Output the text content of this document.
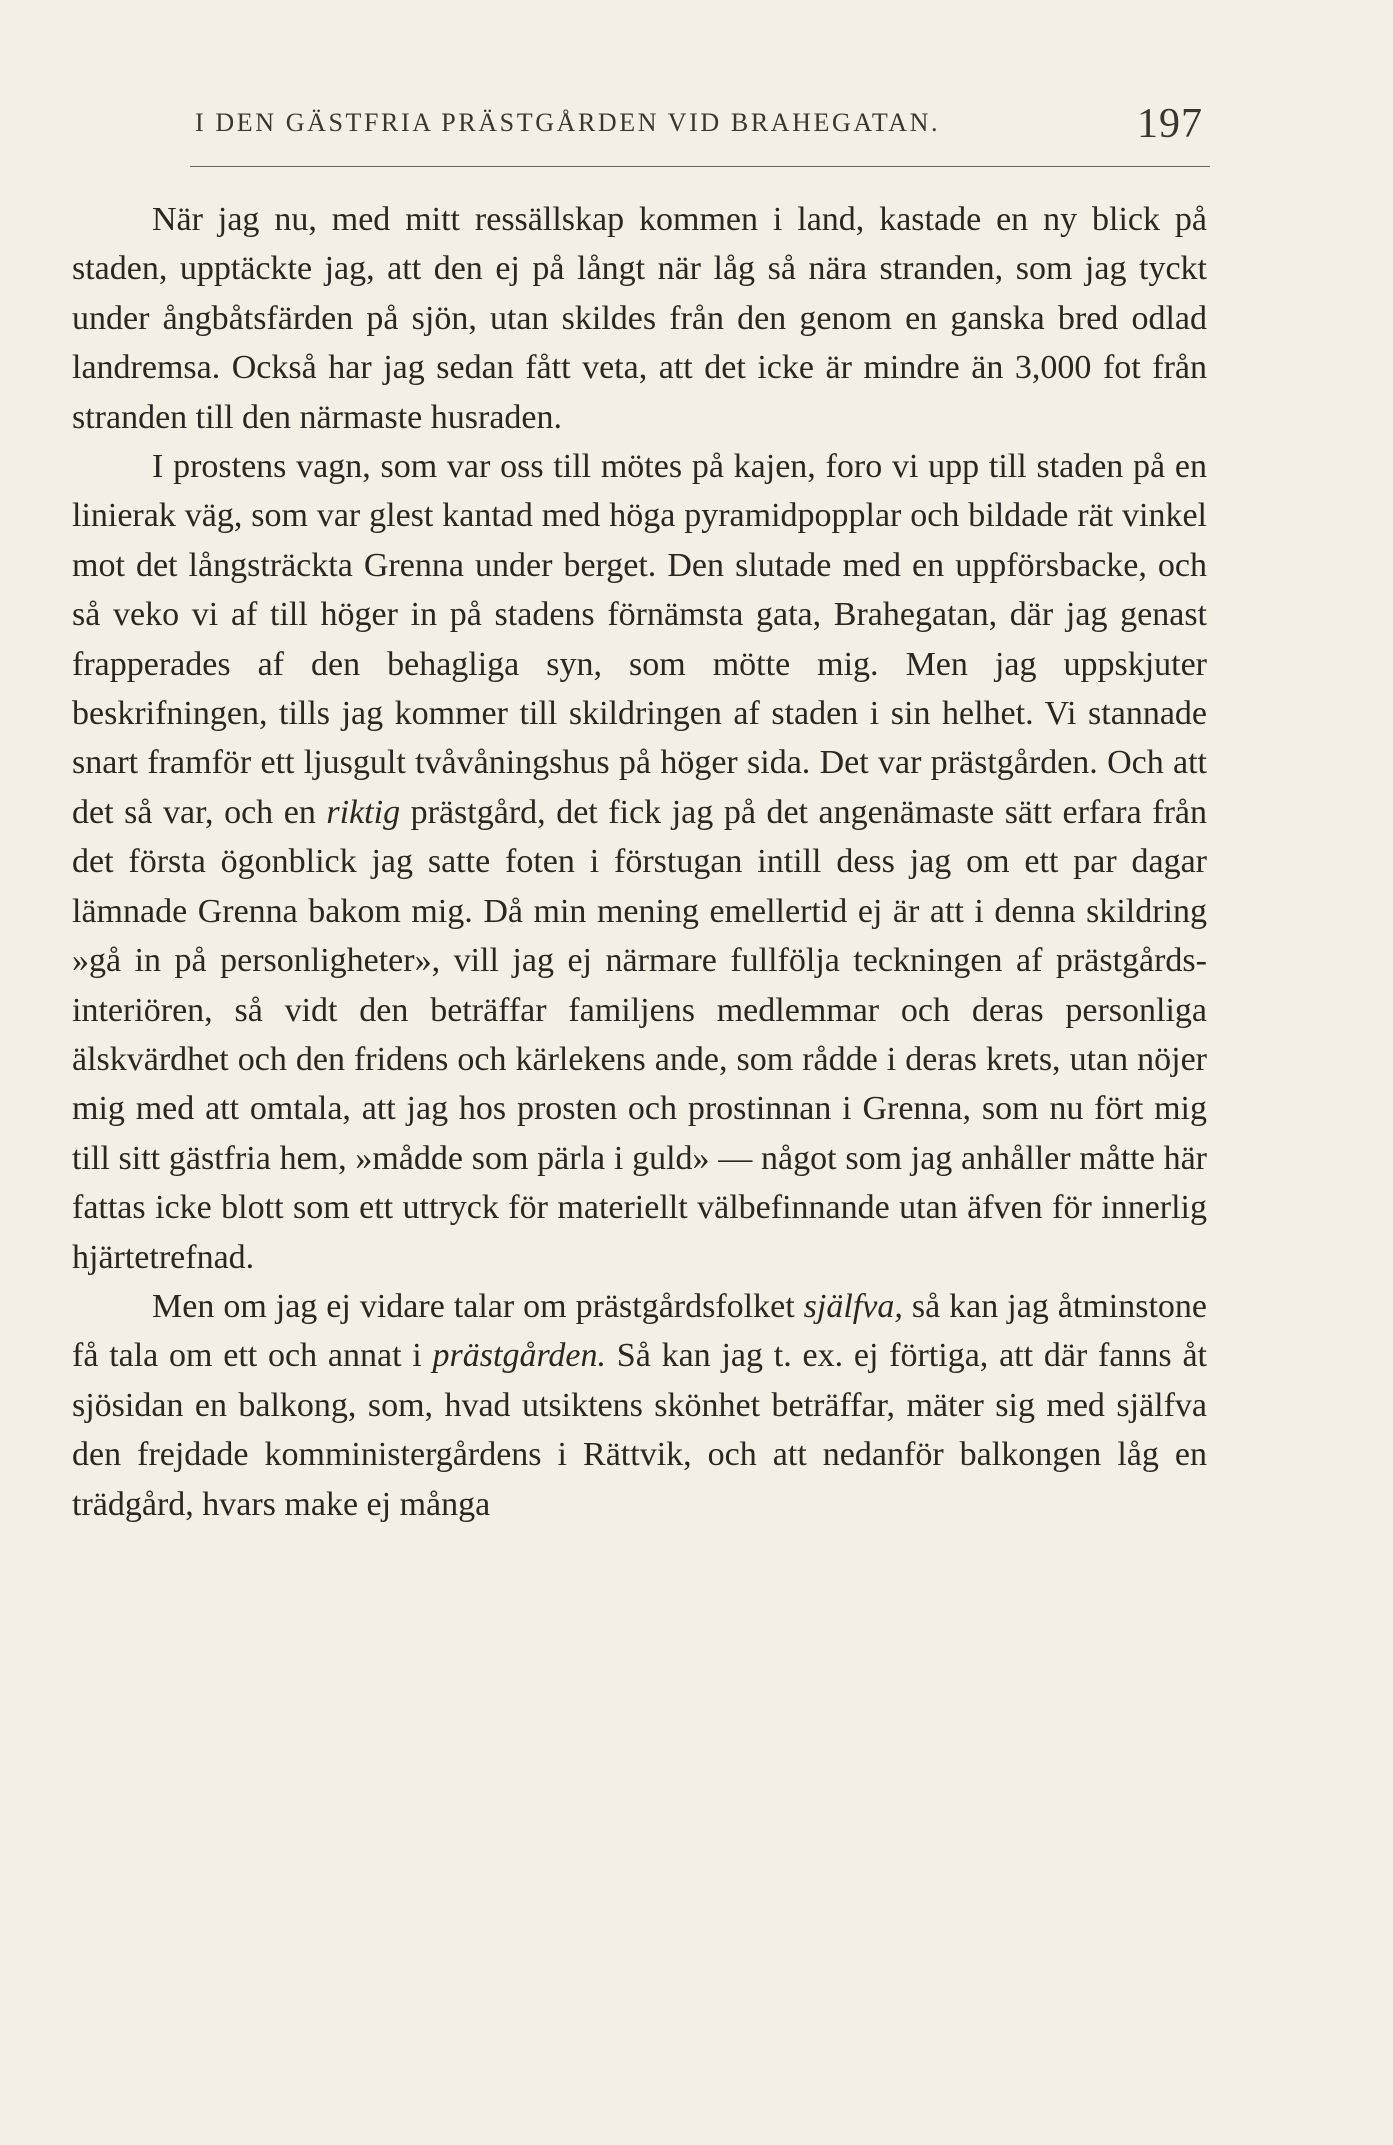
I DEN GÄSTFRIA PRÄSTGÅRDEN VID BRAHEGATAN.	197

När jag nu, med mitt ressällskap kommen i land, kastade en ny blick på staden, upptäckte jag, att den ej på långt när låg så nära stranden, som jag tyckt under ångbåtsfärden på sjön, utan skildes från den genom en ganska bred odlad landremsa. Också har jag sedan fått veta, att det icke är mindre än 3,000 fot från stranden till den närmaste husraden.

I prostens vagn, som var oss till mötes på kajen, foro vi upp till staden på en linierak väg, som var glest kantad med höga pyramidpopplar och bildade rät vinkel mot det långsträckta Grenna under berget. Den slutade med en uppförsbacke, och så veko vi af till höger in på stadens förnämsta gata, Brahegatan, där jag genast frapperades af den behagliga syn, som mötte mig. Men jag uppskjuter beskrifningen, tills jag kommer till skildringen af staden i sin helhet. Vi stannade snart framför ett ljusgult tvåvåningshus på höger sida. Det var prästgården. Och att det så var, och en riktig prästgård, det fick jag på det angenämaste sätt erfara från det första ögonblick jag satte foten i förstugan intill dess jag om ett par dagar lämnade Grenna bakom mig. Då min mening emellertid ej är att i denna skildring »gå in på personligheter», vill jag ej närmare fullfölja teckningen af prästgårdsinteriören, så vidt den beträffar familjens medlemmar och deras personliga älskvärdhet och den fridens och kärlekens ande, som rådde i deras krets, utan nöjer mig med att omtala, att jag hos prosten och prostinnan i Grenna, som nu fört mig till sitt gästfria hem, »mådde som pärla i guld» — något som jag anhåller måtte här fattas icke blott som ett uttryck för materiellt välbefinnande utan äfven för innerlig hjärtetrefnad.

Men om jag ej vidare talar om prästgårdsfolket själfva, så kan jag åtminstone få tala om ett och annat i prästgården. Så kan jag t. ex. ej förtiga, att där fanns åt sjösidan en balkong, som, hvad utsiktens skönhet beträffar, mäter sig med själfva den frejdade komministergårdens i Rättvik, och att nedanför balkongen låg en trädgård, hvars make ej många
